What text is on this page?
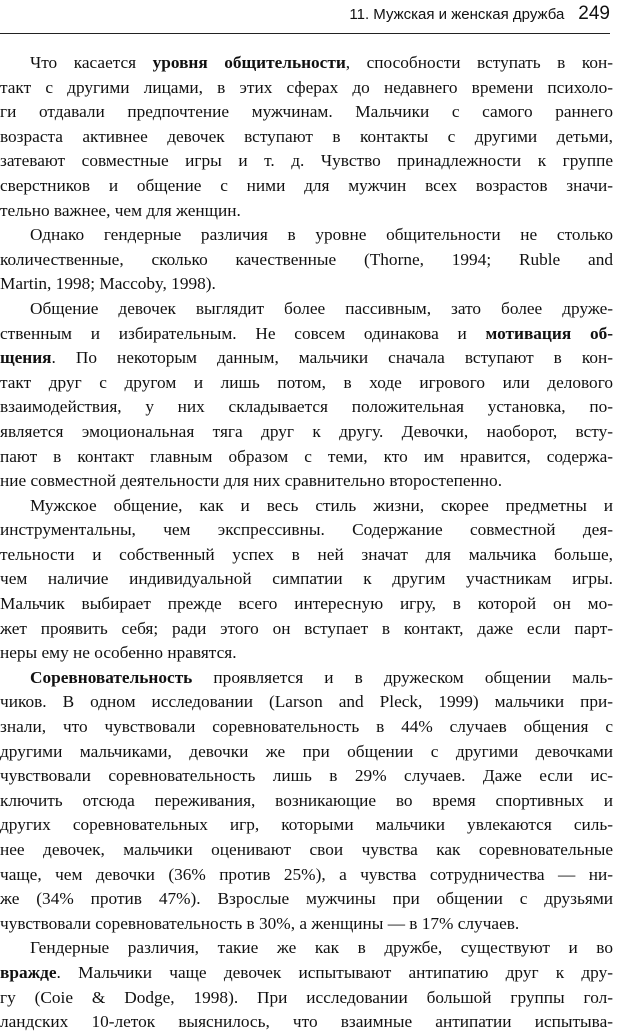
11. Мужская и женская дружба 249
Что касается уровня общительности, способности вступать в кон-
такт с другими лицами, в этих сферах до недавнего времени психоло-
ги отдавали предпочтение мужчинам. Мальчики с самого раннего
возраста активнее девочек вступают в контакты с другими детьми,
затевают совместные игры и т. д. Чувство принадлежности к группе
сверстников и общение с ними для мужчин всех возрастов значи-
тельно важнее, чем для женщин.
Однако гендерные различия в уровне общительности не столько
количественные, сколько качественные (Thorne, 1994; Ruble and
Martin, 1998; Maccoby, 1998).
Общение девочек выглядит более пассивным, зато более друже-
ственным и избирательным. Не совсем одинакова и мотивация об-
щения. По некоторым данным, мальчики сначала вступают в кон-
такт друг с другом и лишь потом, в ходе игрового или делового
взаимодействия, у них складывается положительная установка, по-
является эмоциональная тяга друг к другу. Девочки, наоборот, всту-
пают в контакт главным образом с теми, кто им нравится, содержа-
ние совместной деятельности для них сравнительно второстепенно.
Мужское общение, как и весь стиль жизни, скорее предметны и
инструментальны, чем экспрессивны. Содержание совместной дея-
тельности и собственный успех в ней значат для мальчика больше,
чем наличие индивидуальной симпатии к другим участникам игры.
Мальчик выбирает прежде всего интересную игру, в которой он мо-
жет проявить себя; ради этого он вступает в контакт, даже если парт-
неры ему не особенно нравятся.
Соревновательность проявляется и в дружеском общении маль-
чиков. В одном исследовании (Larson and Pleck, 1999) мальчики при-
знали, что чувствовали соревновательность в 44% случаев общения с
другими мальчиками, девочки же при общении с другими девочками
чувствовали соревновательность лишь в 29% случаев. Даже если ис-
ключить отсюда переживания, возникающие во время спортивных и
других соревновательных игр, которыми мальчики увлекаются силь-
нее девочек, мальчики оценивают свои чувства как соревновательные
чаще, чем девочки (36% против 25%), а чувства сотрудничества — ни-
же (34% против 47%). Взрослые мужчины при общении с друзьями
чувствовали соревновательность в 30%, а женщины — в 17% случаев.
Гендерные различия, такие же как в дружбе, существуют и во
вражде. Мальчики чаще девочек испытывают антипатию друг к дру-
гу (Coie & Dodge, 1998). При исследовании большой группы гол-
ландских 10-леток выяснилось, что взаимные антипатии испытыва-
